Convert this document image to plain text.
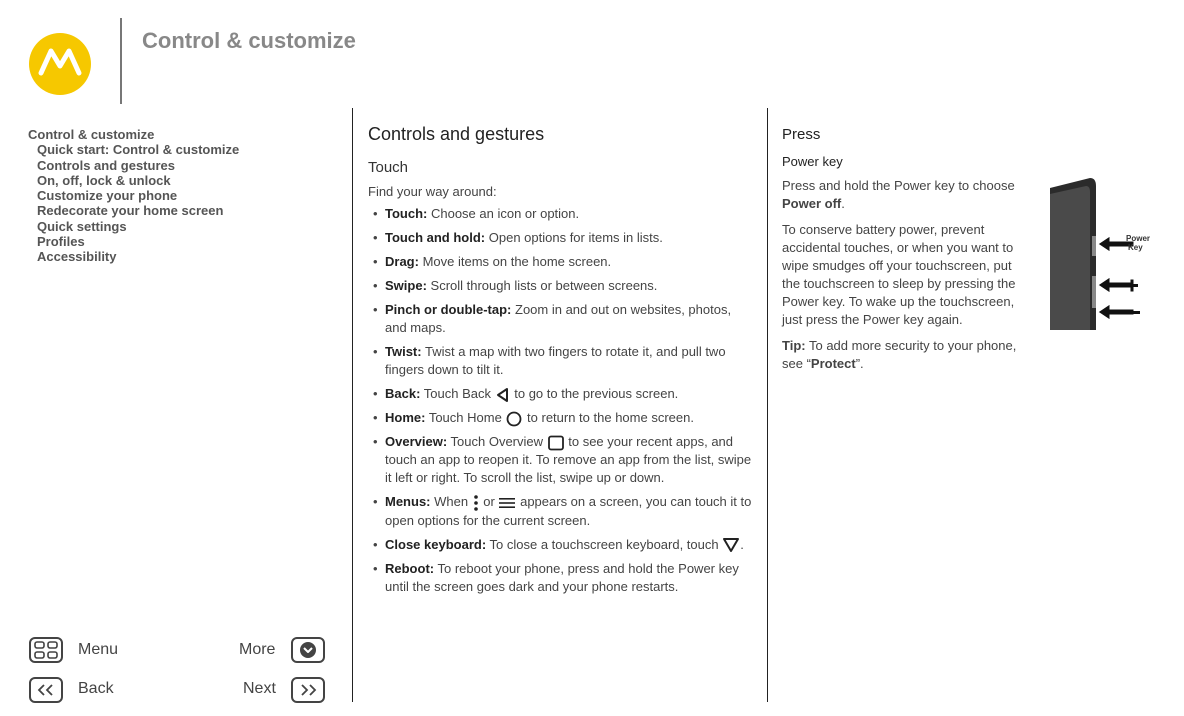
Control & customize
Control & customize
Quick start: Control & customize
Controls and gestures
On, off, lock & unlock
Customize your phone
Redecorate your home screen
Quick settings
Profiles
Accessibility
Controls and gestures
Touch
Find your way around:
• Touch: Choose an icon or option.
• Touch and hold: Open options for items in lists.
• Drag: Move items on the home screen.
• Swipe: Scroll through lists or between screens.
• Pinch or double-tap: Zoom in and out on websites, photos, and maps.
• Twist: Twist a map with two fingers to rotate it, and pull two fingers down to tilt it.
• Back: Touch Back  to go to the previous screen.
• Home: Touch Home  to return to the home screen.
• Overview: Touch Overview  to see your recent apps, and touch an app to reopen it. To remove an app from the list, swipe it left or right. To scroll the list, swipe up or down.
• Menus: When  or  appears on a screen, you can touch it to open options for the current screen.
• Close keyboard: To close a touchscreen keyboard, touch .
• Reboot: To reboot your phone, press and hold the Power key until the screen goes dark and your phone restarts.
Press
Power key

Press and hold the Power key to choose Power off.

To conserve battery power, prevent accidental touches, or when you want to wipe smudges off your touchscreen, put the touchscreen to sleep by pressing the Power key. To wake up the touchscreen, just press the Power key again.

Tip: To add more security to your phone, see “Protect”.

Power
Key
Menu	More
Back	Next
